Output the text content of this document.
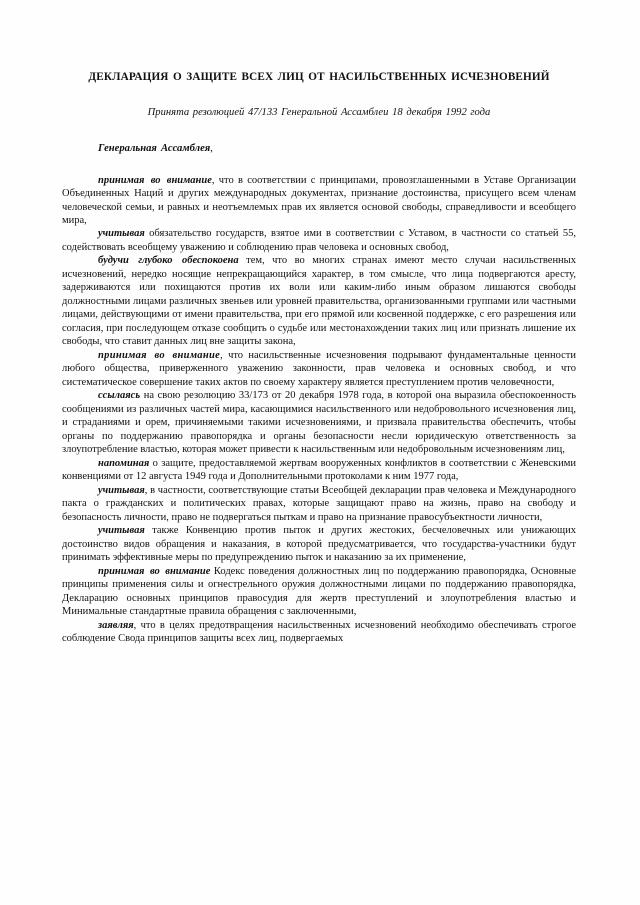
ДЕКЛАРАЦИЯ О ЗАЩИТЕ ВСЕХ ЛИЦ ОТ НАСИЛЬСТВЕННЫХ ИСЧЕЗНОВЕНИЙ

Принята резолюцией 47/133 Генеральной Ассамблеи 18 декабря 1992 года

Генеральная Ассамблея,

принимая во внимание, что в соответствии с принципами, провозглашенными в Уставе Организации Объединенных Наций и других международных документах, признание достоинства, присущего всем членам человеческой семьи, и равных и неотъемлемых прав их является основой свободы, справедливости и всеобщего мира,

учитывая обязательство государств, взятое ими в соответствии с Уставом, в частности со статьей 55, содействовать всеобщему уважению и соблюдению прав человека и основных свобод,

будучи глубоко обеспокоена тем, что во многих странах имеют место случаи насильственных исчезновений, нередко носящие непрекращающийся характер, в том смысле, что лица подвергаются аресту, задерживаются или похищаются против их воли или каким-либо иным образом лишаются свободы должностными лицами различных звеньев или уровней правительства, организованными группами или частными лицами, действующими от имени правительства, при его прямой или косвенной поддержке, с его разрешения или согласия, при последующем отказе сообщить о судьбе или местонахождении таких лиц или признать лишение их свободы, что ставит данных лиц вне защиты закона,

принимая во внимание, что насильственные исчезновения подрывают фундаментальные ценности любого общества, приверженного уважению законности, прав человека и основных свобод, и что систематическое совершение таких актов по своему характеру является преступлением против человечности,

ссылаясь на свою резолюцию 33/173 от 20 декабря 1978 года, в которой она выразила обеспокоенность сообщениями из различных частей мира, касающимися насильственного или недобровольного исчезновения лиц, и страданиями и орем, причиняемыми такими исчезновениями, и призвала правительства обеспечить, чтобы органы по поддержанию правопорядка и органы безопасности несли юридическую ответственность за злоупотребление властью, которая может привести к насильственным или недобровольным исчезновениям лиц,

напоминая о защите, предоставляемой жертвам вооруженных конфликтов в соответствии с Женевскими конвенциями от 12 августа 1949 года и Дополнительными протоколами к ним 1977 года,

учитывая, в частности, соответствующие статьи Всеобщей декларации прав человека и Международного пакта о гражданских и политических правах, которые защищают право на жизнь, право на свободу и безопасность личности, право не подвергаться пыткам и право на признание правосубъектности личности,

учитывая также Конвенцию против пыток и других жестоких, бесчеловечных или унижающих достоинство видов обращения и наказания, в которой предусматривается, что государства-участники будут принимать эффективные меры по предупреждению пыток и наказанию за их применение,

принимая во внимание Кодекс поведения должностных лиц по поддержанию правопорядка, Основные принципы применения силы и огнестрельного оружия должностными лицами по поддержанию правопорядка, Декларацию основных принципов правосудия для жертв преступлений и злоупотребления властью и Минимальные стандартные правила обращения с заключенными,

заявляя, что в целях предотвращения насильственных исчезновений необходимо обеспечивать строгое соблюдение Свода принципов защиты всех лиц, подвергаемых
